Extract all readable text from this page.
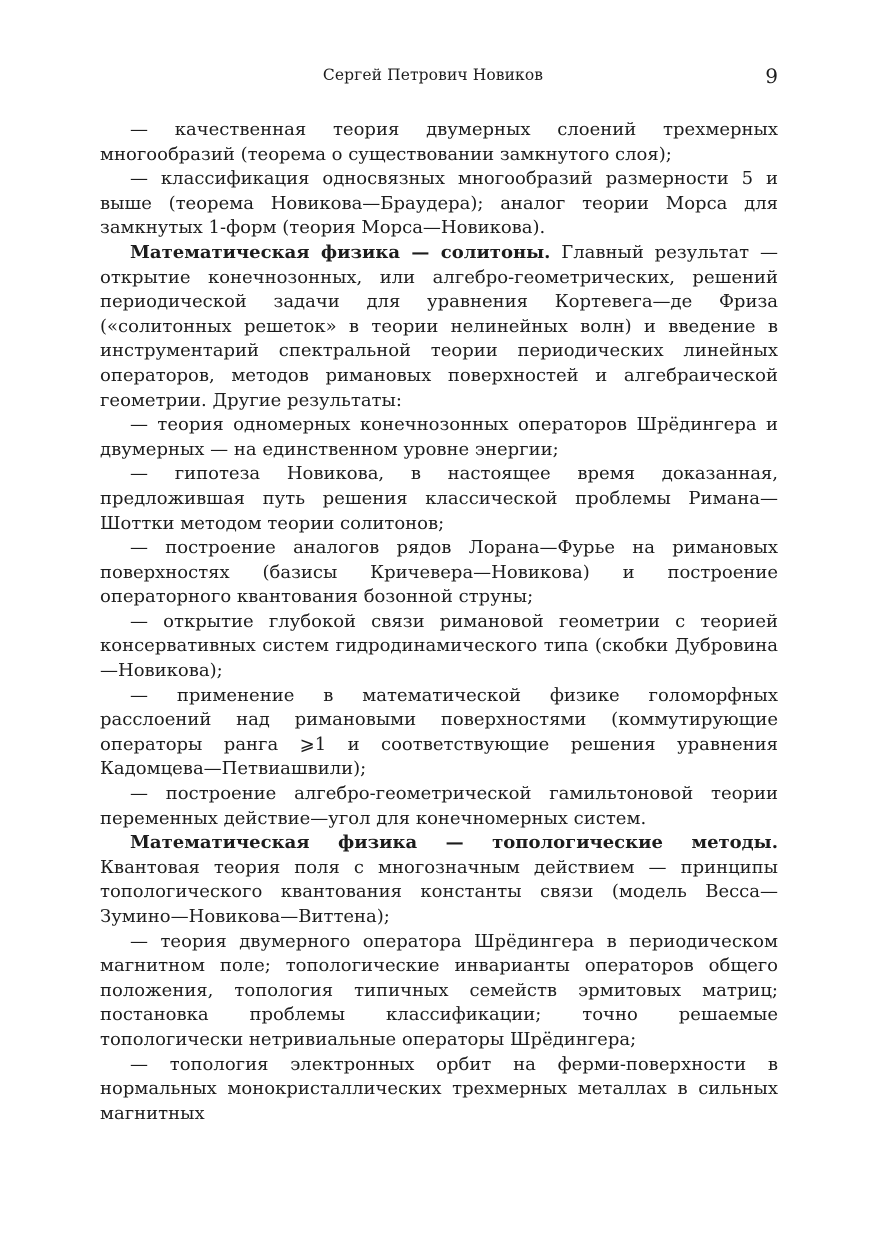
Сергей Петрович Новиков	9

— качественная теория двумерных слоений трехмерных многообразий (теорема о существовании замкнутого слоя);

— классификация односвязных многообразий размерности 5 и выше (теорема Новикова—Браудера); аналог теории Морса для замкнутых 1-форм (теория Морса—Новикова).

Математическая физика — солитоны. Главный результат — открытие конечнозонных, или алгебро-геометрических, решений периодической задачи для уравнения Кортевега—де Фриза («солитонных решеток» в теории нелинейных волн) и введение в инструментарий спектральной теории периодических линейных операторов, методов римановых поверхностей и алгебраической геометрии. Другие результаты:

— теория одномерных конечнозонных операторов Шрёдингера и двумерных — на единственном уровне энергии;

— гипотеза Новикова, в настоящее время доказанная, предложившая путь решения классической проблемы Римана—Шоттки методом теории солитонов;

— построение аналогов рядов Лорана—Фурье на римановых поверхностях (базисы Кричевера—Новикова) и построение операторного квантования бозонной струны;

— открытие глубокой связи римановой геометрии с теорией консервативных систем гидродинамического типа (скобки Дубровина—Новикова);

— применение в математической физике голоморфных расслоений над римановыми поверхностями (коммутирующие операторы ранга ⩾1 и соответствующие решения уравнения Кадомцева—Петвиашвили);

— построение алгебро-геометрической гамильтоновой теории переменных действие—угол для конечномерных систем.

Математическая физика — топологические методы. Квантовая теория поля с многозначным действием — принципы топологического квантования константы связи (модель Весса—Зумино—Новикова—Виттена);

— теория двумерного оператора Шрёдингера в периодическом магнитном поле; топологические инварианты операторов общего положения, топология типичных семейств эрмитовых матриц; постановка проблемы классификации; точно решаемые топологически нетривиальные операторы Шрёдингера;

— топология электронных орбит на ферми-поверхности в нормальных монокристаллических трехмерных металлах в сильных магнитных
